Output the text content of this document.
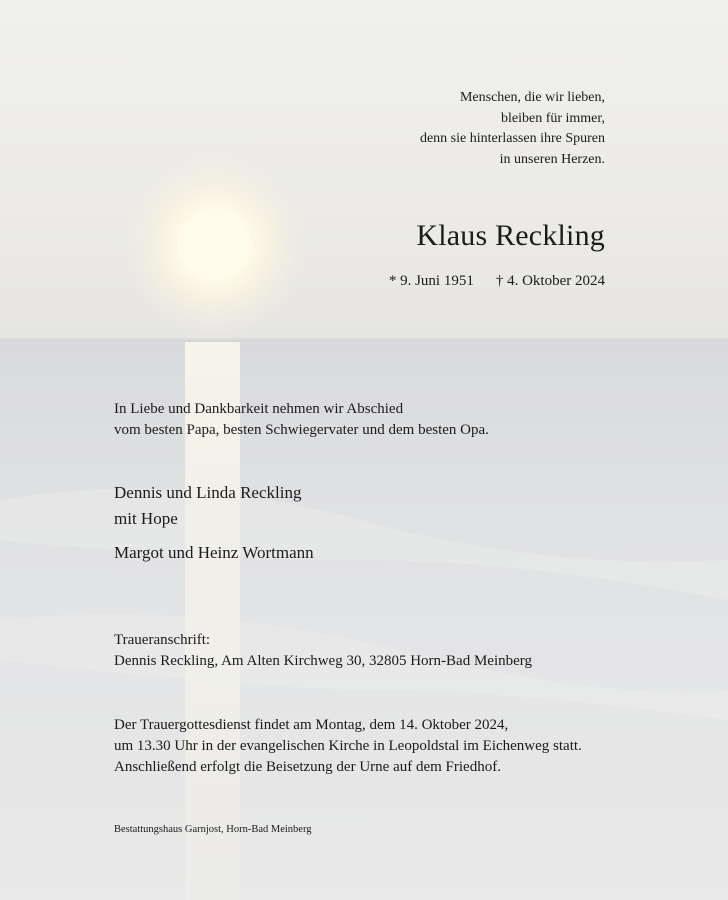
Menschen, die wir lieben,
bleiben für immer,
denn sie hinterlassen ihre Spuren
in unseren Herzen.
Klaus Reckling
* 9. Juni 1951 † 4. Oktober 2024
In Liebe und Dankbarkeit nehmen wir Abschied
vom besten Papa, besten Schwiegervater und dem besten Opa.
Dennis und Linda Reckling
mit Hope
Margot und Heinz Wortmann
Traueranschrift:
Dennis Reckling, Am Alten Kirchweg 30, 32805 Horn-Bad Meinberg
Der Trauergottesdienst findet am Montag, dem 14. Oktober 2024,
um 13.30 Uhr in der evangelischen Kirche in Leopoldstal im Eichenweg statt.
Anschließend erfolgt die Beisetzung der Urne auf dem Friedhof.
Bestattungshaus Garnjost, Horn-Bad Meinberg
